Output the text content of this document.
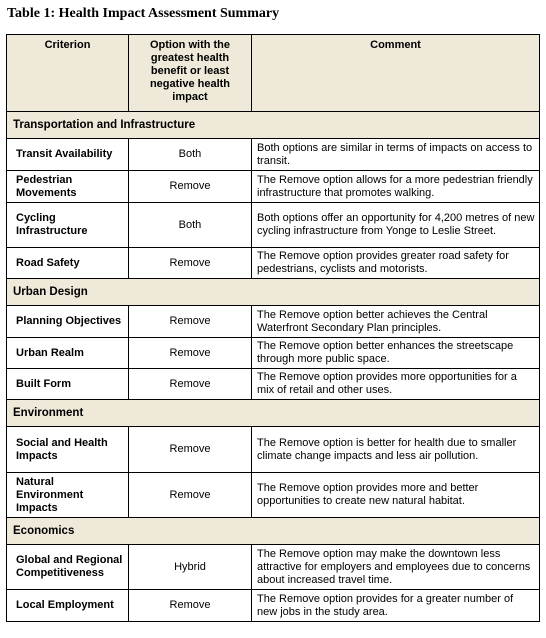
Table 1: Health Impact Assessment Summary
Criterion	Option with the greatest health benefit or least negative health impact	Comment
Transportation and Infrastructure		
Transit Availability	Both	Both options are similar in terms of impacts on access to transit.
Pedestrian Movements	Remove	The Remove option allows for a more pedestrian friendly infrastructure that promotes walking.
Cycling Infrastructure	Both	Both options offer an opportunity for 4,200 metres of new cycling infrastructure from Yonge to Leslie Street.
Road Safety	Remove	The Remove option provides greater road safety for pedestrians, cyclists and motorists.
Urban Design		
Planning Objectives	Remove	The Remove option better achieves the Central Waterfront Secondary Plan principles.
Urban Realm	Remove	The Remove option better enhances the streetscape through more public space.
Built Form	Remove	The Remove option provides more opportunities for a mix of retail and other uses.
Environment		
Social and Health Impacts	Remove	The Remove option is better for health due to smaller climate change impacts and less air pollution.
Natural Environment Impacts	Remove	The Remove option provides more and better opportunities to create new natural habitat.
Economics		
Global and Regional Competitiveness	Hybrid	The Remove option may make the downtown less attractive for employers and employees due to concerns about increased travel time.
Local Employment	Remove	The Remove option provides for a greater number of new jobs in the study area.
